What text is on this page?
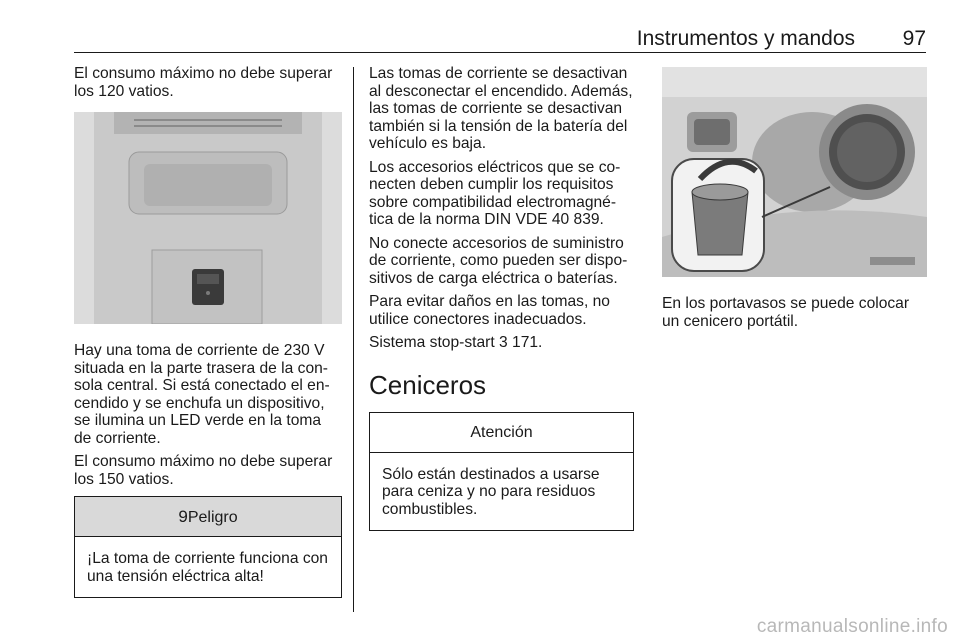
Instrumentos y mandos	97

El consumo máximo no debe superar los 120 vatios.

Hay una toma de corriente de 230 V situada en la parte trasera de la consola central. Si está conectado el encendido y se enchufa un dispositivo, se ilumina un LED verde en la toma de corriente.

El consumo máximo no debe superar los 150 vatios.

9Peligro
¡La toma de corriente funciona con una tensión eléctrica alta!

Las tomas de corriente se desactivan al desconectar el encendido. Además, las tomas de corriente se desactivan también si la tensión de la batería del vehículo es baja.

Los accesorios eléctricos que se conecten deben cumplir los requisitos sobre compatibilidad electromagnética de la norma DIN VDE 40 839.

No conecte accesorios de suministro de corriente, como pueden ser dispositivos de carga eléctrica o baterías.

Para evitar daños en las tomas, no utilice conectores inadecuados.

Sistema stop-start 3 171.

Ceniceros
Atención
Sólo están destinados a usarse para ceniza y no para residuos combustibles.

En los portavasos se puede colocar un cenicero portátil.

carmanualsonline.info
